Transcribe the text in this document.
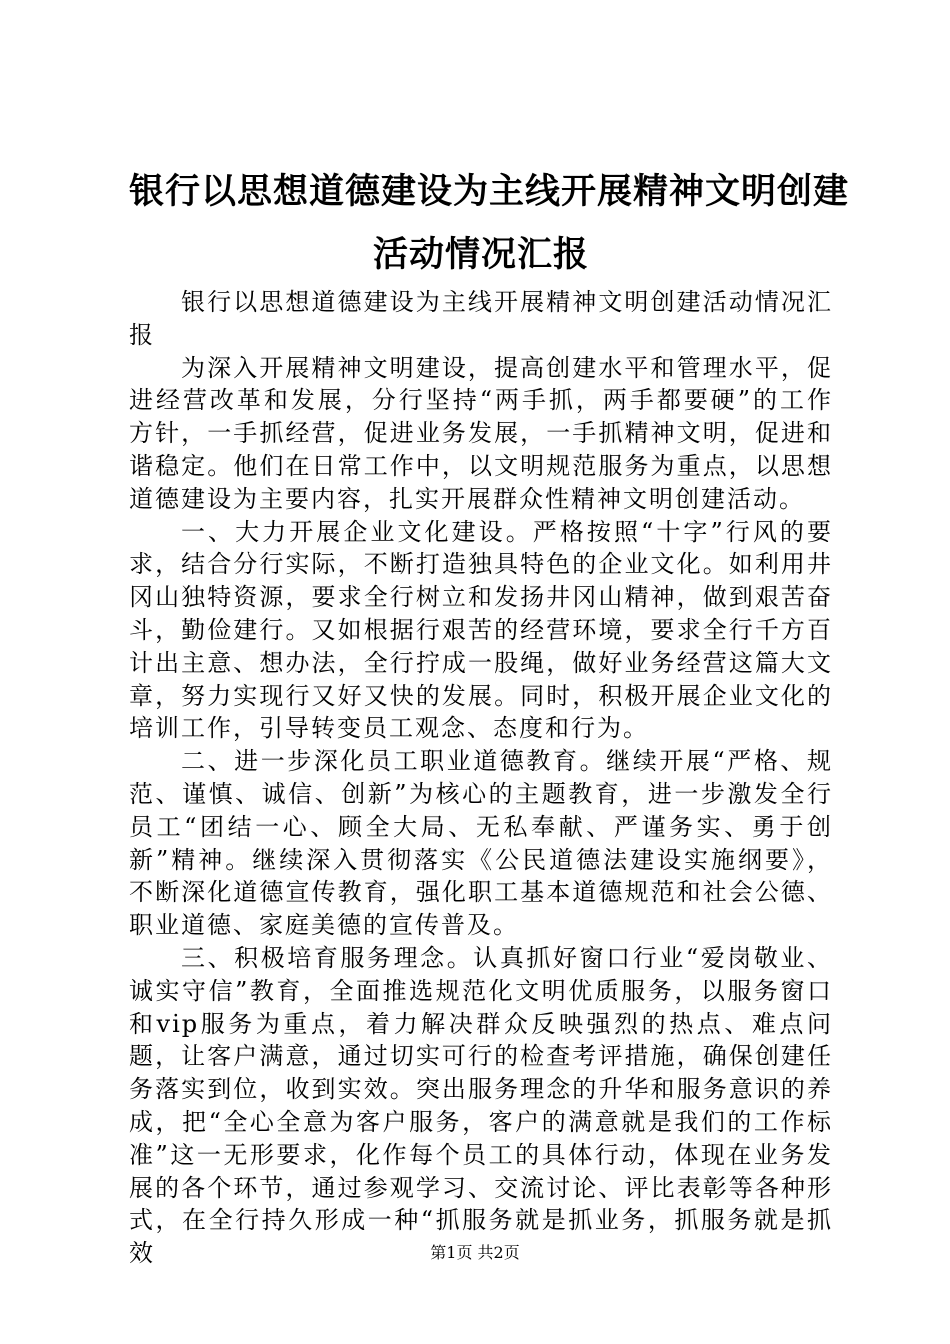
银行以思想道德建设为主线开展精神文明创建
活动情况汇报

银行以思想道德建设为主线开展精神文明创建活动情况汇报

为深入开展精神文明建设，提高创建水平和管理水平，促进经营改革和发展，分行坚持“两手抓，两手都要硬”的工作方针，一手抓经营，促进业务发展，一手抓精神文明，促进和谐稳定。他们在日常工作中，以文明规范服务为重点，以思想道德建设为主要内容，扎实开展群众性精神文明创建活动。

一、大力开展企业文化建设。严格按照“十字”行风的要求，结合分行实际，不断打造独具特色的企业文化。如利用井冈山独特资源，要求全行树立和发扬井冈山精神，做到艰苦奋斗，勤俭建行。又如根据行艰苦的经营环境，要求全行千方百计出主意、想办法，全行拧成一股绳，做好业务经营这篇大文章，努力实现行又好又快的发展。同时，积极开展企业文化的培训工作，引导转变员工观念、态度和行为。

二、进一步深化员工职业道德教育。继续开展“严格、规范、谨慎、诚信、创新”为核心的主题教育，进一步激发全行员工“团结一心、顾全大局、无私奉献、严谨务实、勇于创新”精神。继续深入贯彻落实《公民道德法建设实施纲要》，不断深化道德宣传教育，强化职工基本道德规范和社会公德、职业道德、家庭美德的宣传普及。

三、积极培育服务理念。认真抓好窗口行业“爱岗敬业、诚实守信”教育，全面推选规范化文明优质服务，以服务窗口和vip服务为重点，着力解决群众反映强烈的热点、难点问题，让客户满意，通过切实可行的检查考评措施，确保创建任务落实到位，收到实效。突出服务理念的升华和服务意识的养成，把“全心全意为客户服务，客户的满意就是我们的工作标准”这一无形要求，化作每个员工的具体行动，体现在业务发展的各个环节，通过参观学习、交流讨论、评比表彰等各种形式，在全行持久形成一种“抓服务就是抓业务，抓服务就是抓效	第1页 共2页
